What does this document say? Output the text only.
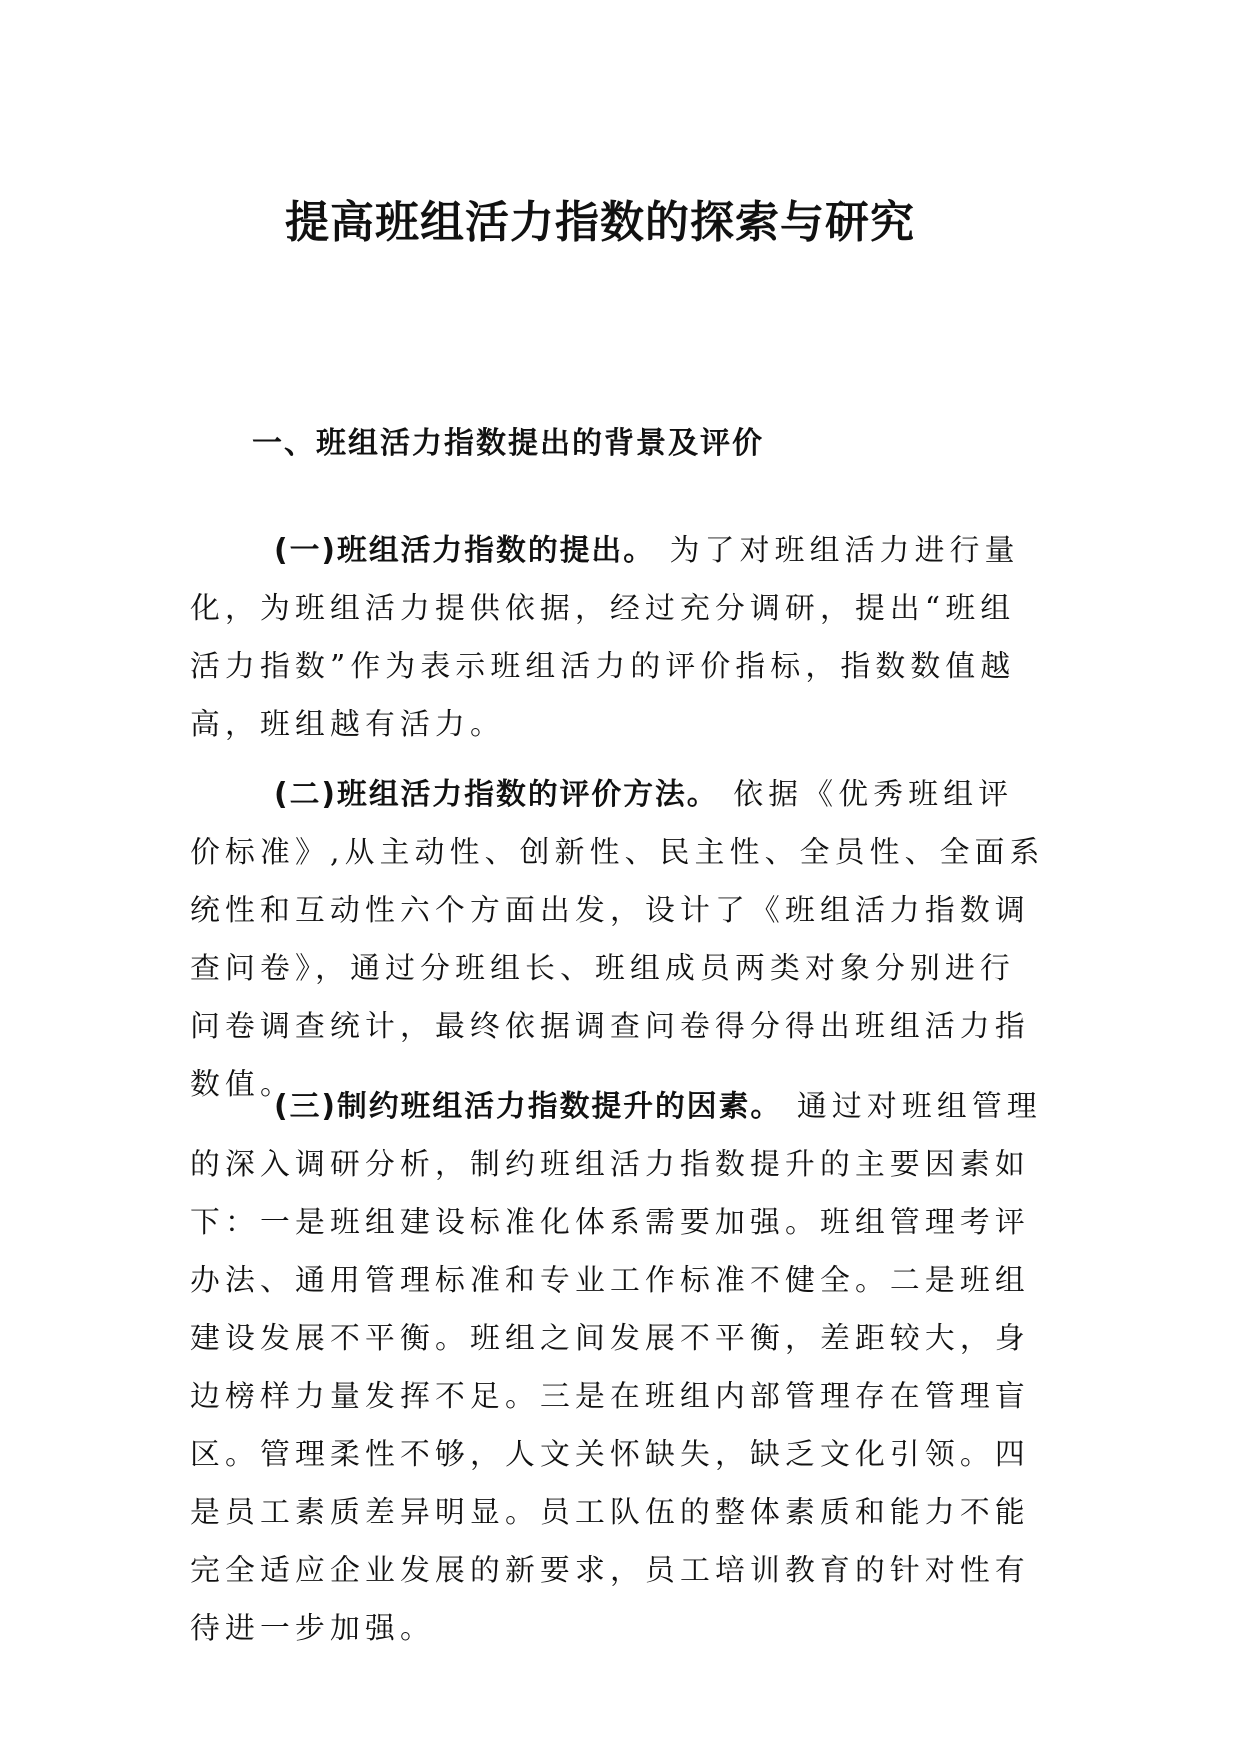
提高班组活力指数的探索与研究
一、班组活力指数提出的背景及评价

(一)班组活力指数的提出。 为了对班组活力进行量化，为班组活力提供依据，经过充分调研，提出“班组活力指数”作为表示班组活力的评价指标，指数数值越高，班组越有活力。

(二)班组活力指数的评价方法。 依据《优秀班组评价标准》,从主动性、创新性、民主性、全员性、全面系统性和互动性六个方面出发，设计了《班组活力指数调查问卷》，通过分班组长、班组成员两类对象分别进行问卷调查统计，最终依据调查问卷得分得出班组活力指数值。

(三)制约班组活力指数提升的因素。 通过对班组管理的深入调研分析，制约班组活力指数提升的主要因素如下：一是班组建设标准化体系需要加强。班组管理考评办法、通用管理标准和专业工作标准不健全。二是班组建设发展不平衡。班组之间发展不平衡，差距较大，身边榜样力量发挥不足。三是在班组内部管理存在管理盲区。管理柔性不够，人文关怀缺失，缺乏文化引领。四是员工素质差异明显。员工队伍的整体素质和能力不能完全适应企业发展的新要求，员工培训教育的针对性有待进一步加强。
